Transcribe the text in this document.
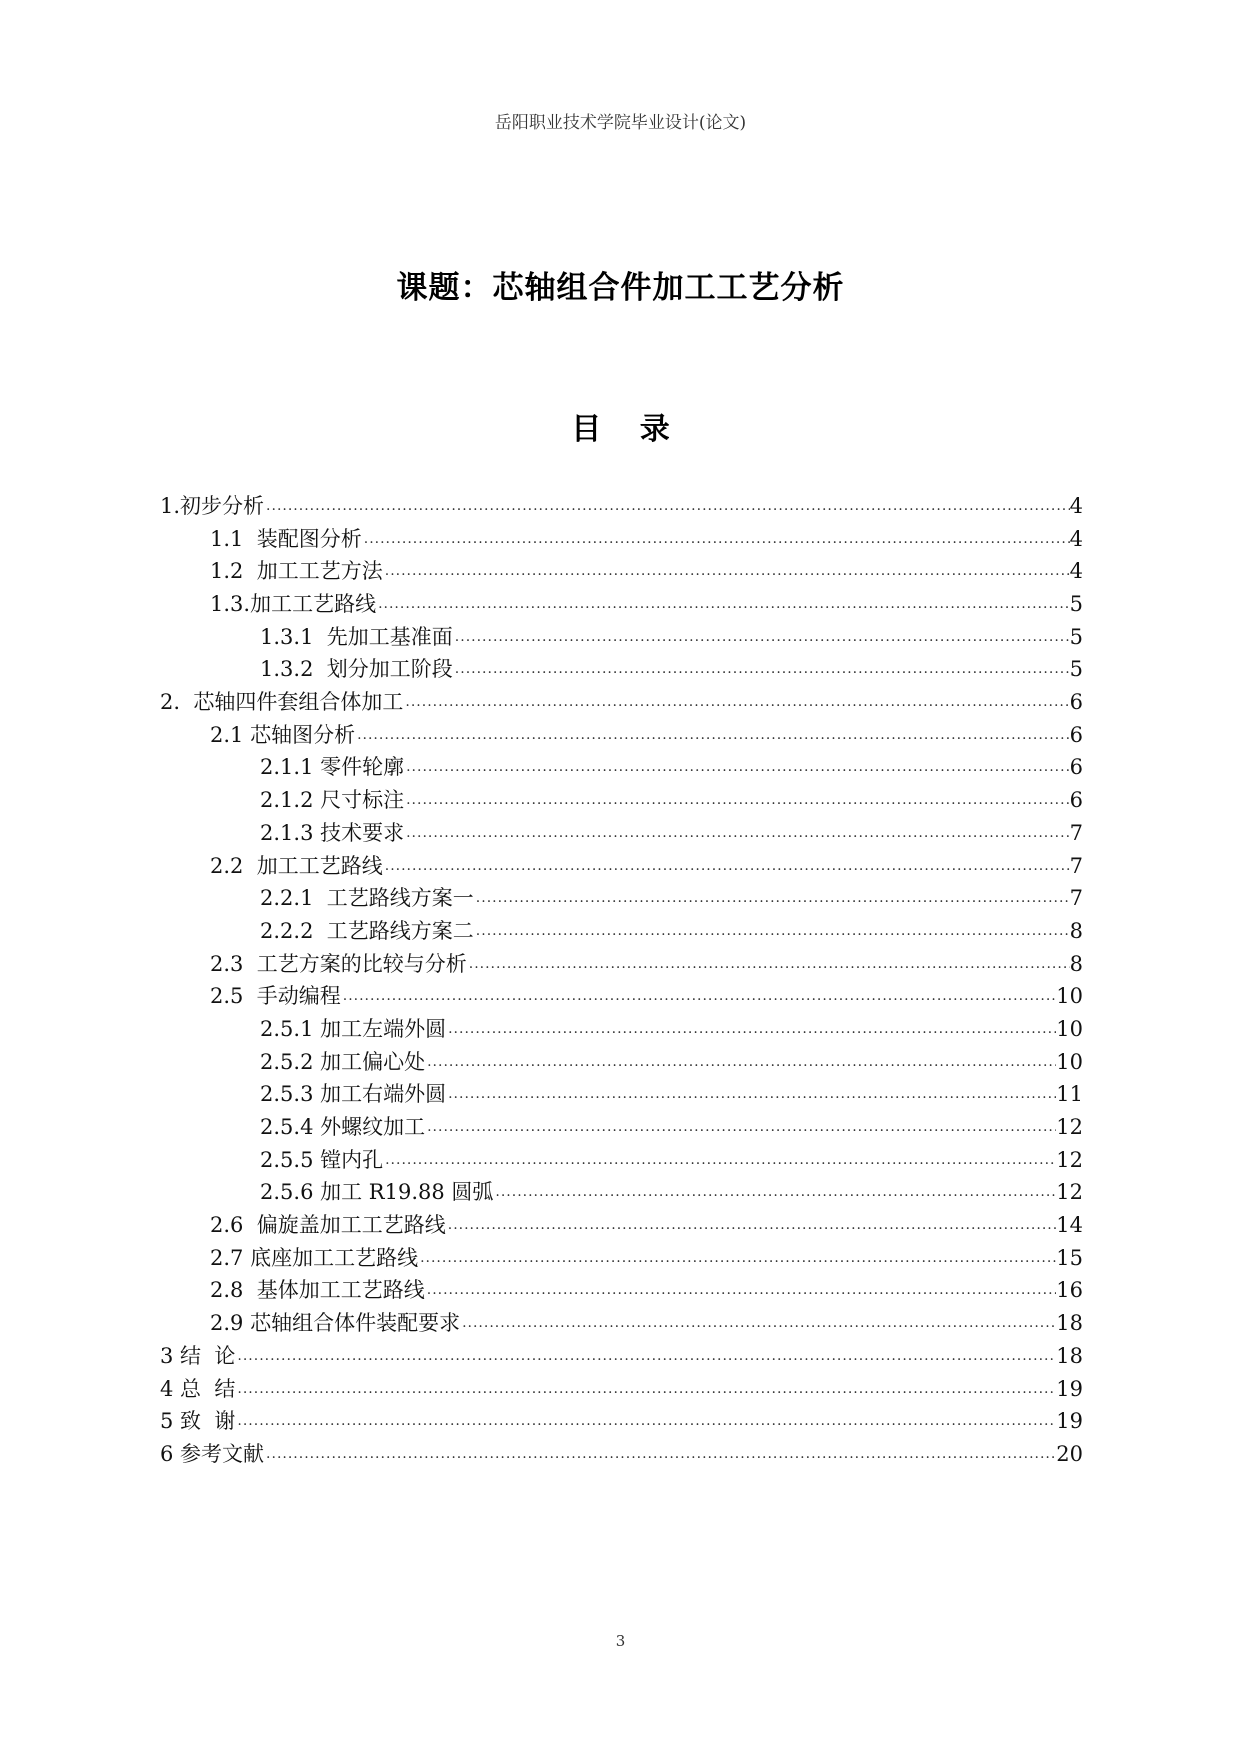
岳阳职业技术学院毕业设计(论文)
课题：芯轴组合件加工工艺分析
目 录
1.初步分析 .....	4
1.1  装配图分析 .....	4
1.2  加工工艺方法 .....	4
1.3.加工工艺路线 .....	5
1.3.1  先加工基准面 .....	5
1.3.2  划分加工阶段 .....	5
2.  芯轴四件套组合体加工 .....	6
2.1 芯轴图分析 .....	6
2.1.1 零件轮廓 .....	6
2.1.2 尺寸标注 .....	6
2.1.3 技术要求 .....	7
2.2  加工工艺路线 .....	7
2.2.1  工艺路线方案一 .....	7
2.2.2  工艺路线方案二 .....	8
2.3  工艺方案的比较与分析 .....	8
2.5  手动编程 .....	10
2.5.1 加工左端外圆 .....	10
2.5.2 加工偏心处 .....	10
2.5.3 加工右端外圆 .....	11
2.5.4 外螺纹加工 .....	12
2.5.5 镗内孔 .....	12
2.5.6 加工 R19.88 圆弧 .....	12
2.6  偏旋盖加工工艺路线 .....	14
2.7 底座加工工艺路线 .....	15
2.8  基体加工工艺路线 .....	16
2.9 芯轴组合体件装配要求 .....	18
3 结  论 .....	18
4 总  结 .....	19
5 致  谢 .....	19
6 参考文献 .....	20
3
